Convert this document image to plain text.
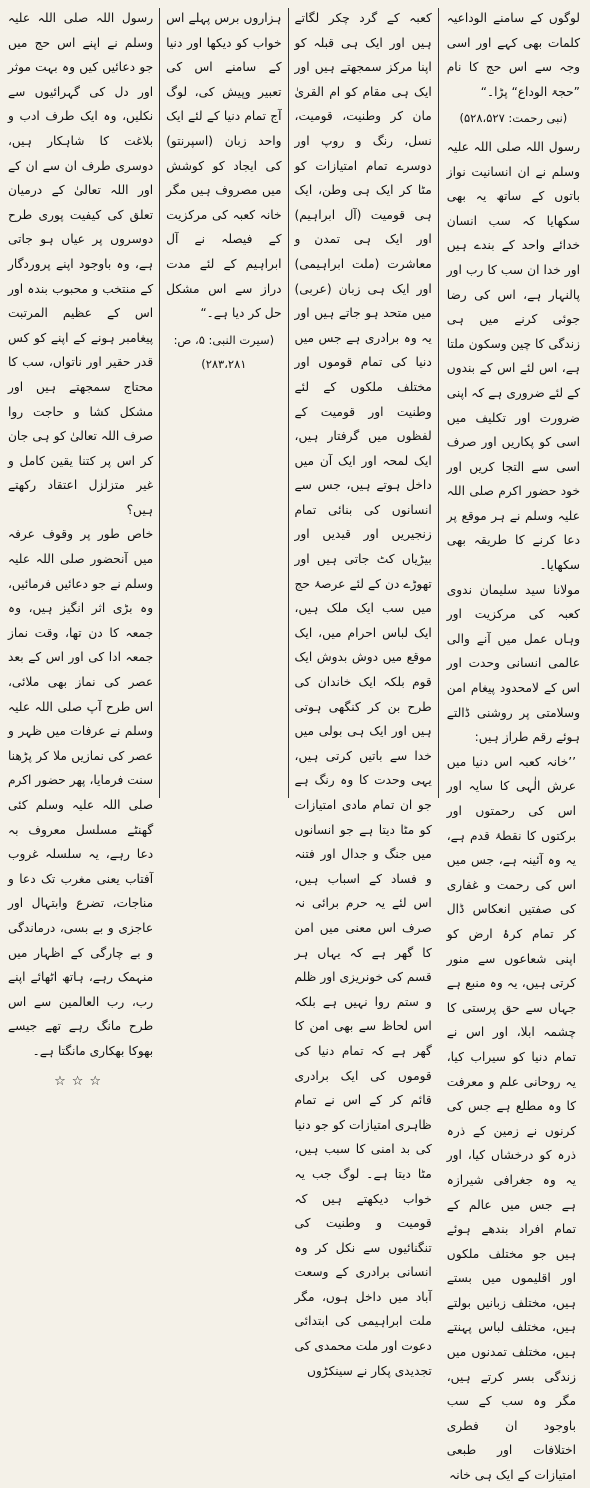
لوگوں کے سامنے الوداعیہ کلمات بھی کہے اور اسی وجہ سے اس حج کا نام ”حجۃ الوداع“ پڑا۔“

(نبی رحمت: ۵۲۸،۵۲۷)

رسول اللہ صلی اللہ علیہ وسلم نے ان انسانیت نواز باتوں کے ساتھ یہ بھی سکھایا کہ سب انسان خدائے واحد کے بندے ہیں اور خدا ان سب کا رب اور پالنہار ہے، اس کی رضا جوئی کرنے میں ہی زندگی کا چین وسکون ملتا ہے، اس لئے اس کے بندوں کے لئے ضروری ہے کہ اپنی ضرورت اور تکلیف میں اسی کو پکاریں اور صرف اسی سے التجا کریں اور خود حضور اکرم صلی اللہ علیہ وسلم نے ہر موقع پر دعا کرنے کا طریقہ بھی سکھایا۔

مولانا سید سلیمان ندوی کعبہ کی مرکزیت اور وہاں عمل میں آنے والی عالمی انسانی وحدت اور اس کے لامحدود پیغام امن وسلامتی پر روشنی ڈالتے ہوئے رقم طراز ہیں:

’’خانہ کعبہ اس دنیا میں عرش الٰہی کا سایہ اور اس کی رحمتوں اور برکتوں کا نقطۂ قدم ہے، یہ وہ آئینہ ہے، جس میں اس کی رحمت و غفاری کی صفتیں انعکاس ڈال کر تمام کرۂ ارض کو اپنی شعاعوں سے منور کرتی ہیں، یہ وہ منبع ہے جہاں سے حق پرستی کا چشمہ ابلا، اور اس نے تمام دنیا کو سیراب کیا، یہ روحانی علم و معرفت کا وہ مطلع ہے جس کی کرنوں نے زمین کے ذرہ ذرہ کو درخشاں کیا، اور یہ وہ جغرافی شیرازہ ہے جس میں عالم کے تمام افراد بندھے ہوئے ہیں جو مختلف ملکوں اور اقلیموں میں بستے ہیں، مختلف زبانیں بولتے ہیں، مختلف لباس پہنتے ہیں، مختلف تمدنوں میں زندگی بسر کرتے ہیں، مگر وہ سب کے سب باوجود ان فطری اختلافات اور طبعی امتیازات کے ایک ہی خانہ

کعبہ کے گرد چکر لگاتے ہیں اور ایک ہی قبلہ کو اپنا مرکز سمجھتے ہیں اور ایک ہی مقام کو ام القریٰ مان کر وطنیت، قومیت، نسل، رنگ و روپ اور دوسرے تمام امتیازات کو مٹا کر ایک ہی وطن، ایک ہی قومیت (آل ابراہیم) اور ایک ہی تمدن و معاشرت (ملت ابراہیمی) اور ایک ہی زبان (عربی) میں متحد ہو جاتے ہیں اور یہ وہ برادری ہے جس میں دنیا کی تمام قوموں اور مختلف ملکوں کے لئے وطنیت اور قومیت کے لفظوں میں گرفتار ہیں، ایک لمحہ اور ایک آن میں داخل ہوتے ہیں، جس سے انسانوں کی بنائی تمام زنجیریں اور قیدیں اور بیڑیاں کٹ جاتی ہیں اور تھوڑے دن کے لئے عرصۂ حج میں سب ایک ملک ہیں، ایک لباس احرام میں، ایک موقع میں دوش بدوش ایک قوم بلکہ ایک خاندان کی طرح بن کر کنگھی ہوتی ہیں اور ایک ہی بولی میں خدا سے باتیں کرتی ہیں، یہی وحدت کا وہ رنگ ہے جو ان تمام مادی امتیازات کو مٹا دیتا ہے جو انسانوں میں جنگ و جدال اور فتنہ و فساد کے اسباب ہیں، اس لئے یہ حرم برائی نہ صرف اس معنی میں امن کا گھر ہے کہ یہاں ہر قسم کی خونریزی اور ظلم و ستم روا نہیں ہے بلکہ اس لحاظ سے بھی امن کا گھر ہے کہ تمام دنیا کی قوموں کی ایک برادری قائم کر کے اس نے تمام ظاہری امتیازات کو جو دنیا کی بد امنی کا سبب ہیں، مٹا دیتا ہے۔ لوگ جب یہ خواب دیکھتے ہیں کہ قومیت و وطنیت کی تنگنائیوں سے نکل کر وہ انسانی برادری کے وسعت آباد میں داخل ہوں، مگر ملت ابراہیمی کی ابتدائی دعوت اور ملت محمدی کی تجدیدی پکار نے سینکڑوں

ہزاروں برس پہلے اس خواب کو دیکھا اور دنیا کے سامنے اس کی تعبیر وپیش کی، لوگ آج تمام دنیا کے لئے ایک واحد زبان (اسپرنتو) کی ایجاد کو کوشش میں مصروف ہیں مگر خانہ کعبہ کی مرکزیت کے فیصلہ نے آل ابراہیم کے لئے مدت دراز سے اس مشکل حل کر دیا ہے۔“

(سیرت النبی: ۵، ص: ۲۸۳،۲۸۱)

رسول اللہ صلی اللہ علیہ وسلم نے اپنے اس حج میں جو دعائیں کیں وہ بہت موثر اور دل کی گہرائیوں سے نکلیں، وہ ایک طرف ادب و بلاغت کا شاہکار ہیں، دوسری طرف ان سے ان کے اور اللہ تعالیٰ کے درمیان تعلق کی کیفیت پوری طرح دوسروں پر عیاں ہو جاتی ہے، وہ باوجود اپنے پروردگار کے منتخب و محبوب بندہ اور اس کے عظیم المرتبت پیغامبر ہونے کے اپنے کو کس قدر حقیر اور ناتواں، سب کا محتاج سمجھتے ہیں اور مشکل کشا و حاجت روا صرف اللہ تعالیٰ کو ہی جان کر اس پر کتنا یقین کامل و غیر متزلزل اعتقاد رکھتے ہیں؟

خاص طور پر وقوف عرفہ میں آنحضور صلی اللہ علیہ وسلم نے جو دعائیں فرمائیں، وہ بڑی اثر انگیز ہیں، وہ جمعہ کا دن تھا، وقت نماز جمعہ ادا کی اور اس کے بعد عصر کی نماز بھی ملائی، اس طرح آپ صلی اللہ علیہ وسلم نے عرفات میں ظہر و عصر کی نمازیں ملا کر پڑھنا سنت فرمایا، پھر حضور اکرم صلی اللہ علیہ وسلم کئی گھنٹے مسلسل معروف بہ دعا رہے، یہ سلسلہ غروب آفتاب یعنی مغرب تک دعا و مناجات، تضرع وابتہال اور عاجزی و بے بسی، درماندگی و بے چارگی کے اظہار میں منہمک رہے، ہاتھ اٹھائے اپنے رب، رب العالمین سے اس طرح مانگ رہے تھے جیسے بھوکا بھکاری مانگتا ہے۔

☆☆☆
